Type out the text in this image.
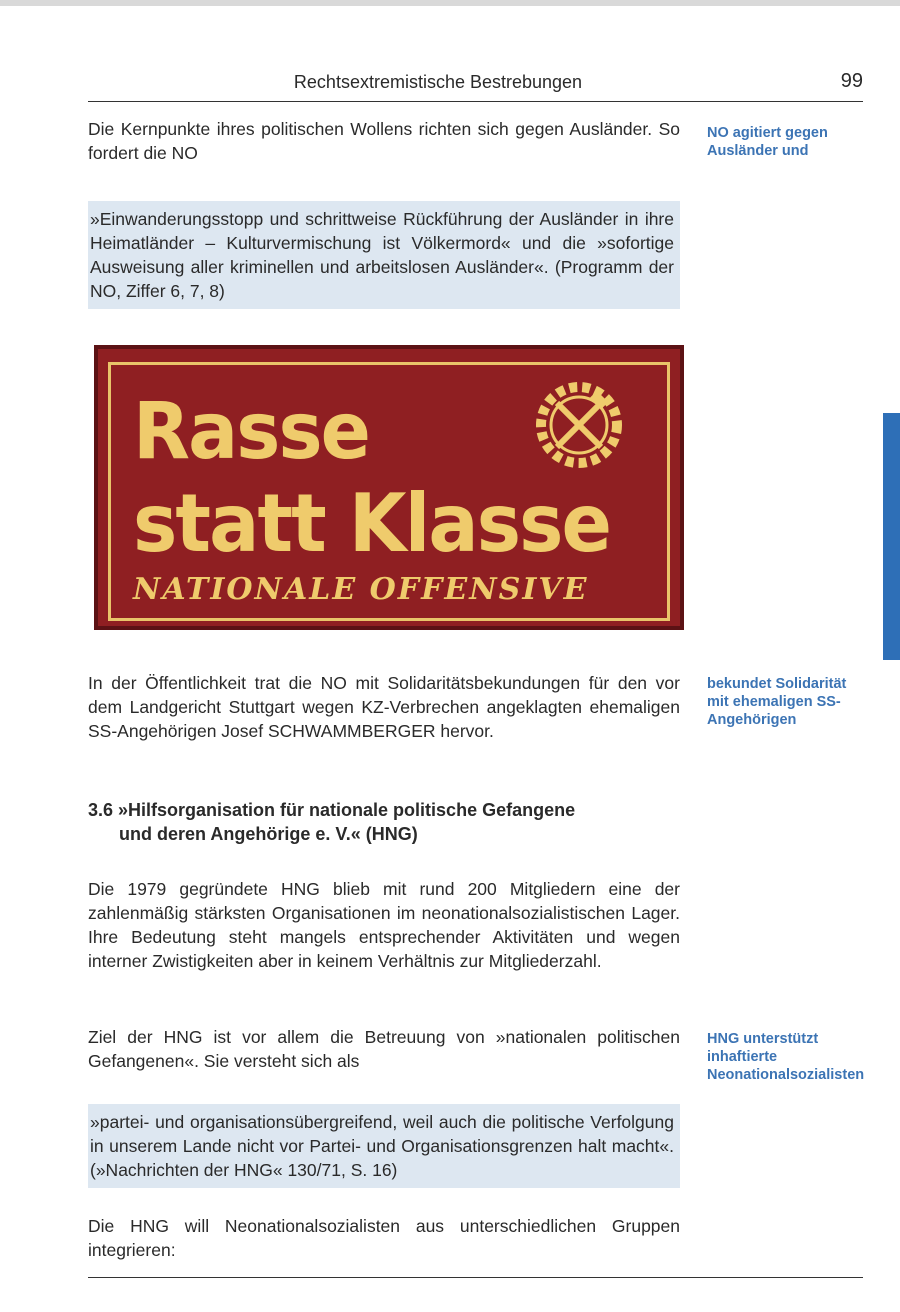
Rechtsextremistische Bestrebungen	99
Die Kernpunkte ihres politischen Wollens richten sich gegen Ausländer. So fordert die NO
NO agitiert gegen Ausländer und
»Einwanderungsstopp und schrittweise Rückführung der Ausländer in ihre Heimatländer – Kulturvermischung ist Völkermord« und die »sofortige Ausweisung aller kriminellen und arbeitslosen Ausländer«. (Programm der NO, Ziffer 6, 7, 8)
Rasse
statt Klasse
NATIONALE OFFENSIVE
In der Öffentlichkeit trat die NO mit Solidaritätsbekundungen für den vor dem Landgericht Stuttgart wegen KZ-Verbrechen angeklagten ehemaligen SS-Angehörigen Josef SCHWAMMBERGER hervor.
bekundet Solidarität mit ehemaligen SS-Angehörigen
3.6 »Hilfsorganisation für nationale politische Gefangene
und deren Angehörige e. V.« (HNG)
Die 1979 gegründete HNG blieb mit rund 200 Mitgliedern eine der zahlenmäßig stärksten Organisationen im neonationalsozialistischen Lager. Ihre Bedeutung steht mangels entsprechender Aktivitäten und wegen interner Zwistigkeiten aber in keinem Verhältnis zur Mitgliederzahl.
Ziel der HNG ist vor allem die Betreuung von »nationalen politischen Gefangenen«. Sie versteht sich als
HNG unterstützt inhaftierte Neonationalsozialisten
»partei- und organisationsübergreifend, weil auch die politische Verfolgung in unserem Lande nicht vor Partei- und Organisationsgrenzen halt macht«. (»Nachrichten der HNG« 130/71, S. 16)
Die HNG will Neonationalsozialisten aus unterschiedlichen Gruppen integrieren:
